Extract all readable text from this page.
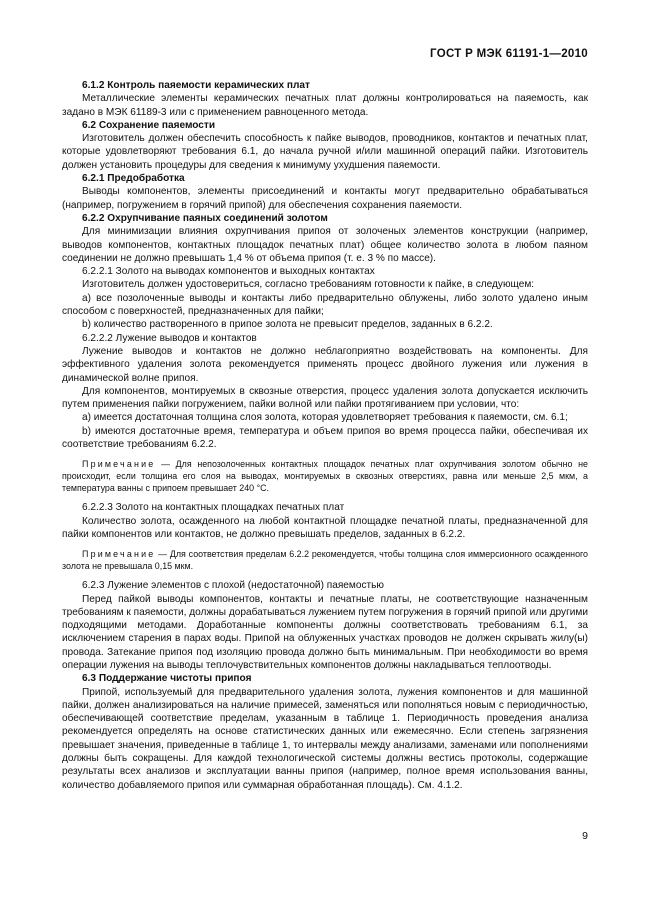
ГОСТ Р МЭК 61191-1—2010
6.1.2 Контроль паяемости керамических плат
Металлические элементы керамических печатных плат должны контролироваться на паяемость, как задано в МЭК 61189-3 или с применением равноценного метода.
6.2 Сохранение паяемости
Изготовитель должен обеспечить способность к пайке выводов, проводников, контактов и печатных плат, которые удовлетворяют требования 6.1, до начала ручной и/или машинной операций пайки. Изготовитель должен установить процедуры для сведения к минимуму ухудшения паяемости.
6.2.1 Предобработка
Выводы компонентов, элементы присоединений и контакты могут предварительно обрабатываться (например, погружением в горячий припой) для обеспечения сохранения паяемости.
6.2.2 Охрупчивание паяных соединений золотом
Для минимизации влияния охрупчивания припоя от золоченых элементов конструкции (например, выводов компонентов, контактных площадок печатных плат) общее количество золота в любом паяном соединении не должно превышать 1,4 % от объема припоя (т. е. 3 % по массе).
6.2.2.1 Золото на выводах компонентов и выходных контактах
Изготовитель должен удостовериться, согласно требованиям готовности к пайке, в следующем:
a) все позолоченные выводы и контакты либо предварительно облужены, либо золото удалено иным способом с поверхностей, предназначенных для пайки;
b) количество растворенного в припое золота не превысит пределов, заданных в 6.2.2.
6.2.2.2 Лужение выводов и контактов
Лужение выводов и контактов не должно неблагоприятно воздействовать на компоненты. Для эффективного удаления золота рекомендуется применять процесс двойного лужения или лужения в динамической волне припоя.
Для компонентов, монтируемых в сквозные отверстия, процесс удаления золота допускается исключить путем применения пайки погружением, пайки волной или пайки протягиванием при условии, что:
a) имеется достаточная толщина слоя золота, которая удовлетворяет требования к паяемости, см. 6.1;
b) имеются достаточные время, температура и объем припоя во время процесса пайки, обеспечивая их соответствие требованиям 6.2.2.
Примечание — Для непозолоченных контактных площадок печатных плат охрупчивания золотом обычно не происходит, если толщина его слоя на выводах, монтируемых в сквозных отверстиях, равна или меньше 2,5 мкм, а температура ванны с припоем превышает 240 °С.
6.2.2.3 Золото на контактных площадках печатных плат
Количество золота, осажденного на любой контактной площадке печатной платы, предназначенной для пайки компонентов или контактов, не должно превышать пределов, заданных в 6.2.2.
Примечание — Для соответствия пределам 6.2.2 рекомендуется, чтобы толщина слоя иммерсионного осажденного золота не превышала 0,15 мкм.
6.2.3 Лужение элементов с плохой (недостаточной) паяемостью
Перед пайкой выводы компонентов, контакты и печатные платы, не соответствующие назначенным требованиям к паяемости, должны дорабатываться лужением путем погружения в горячий припой или другими подходящими методами. Доработанные компоненты должны соответствовать требованиям 6.1, за исключением старения в парах воды. Припой на облуженных участках проводов не должен скрывать жилу(ы) провода. Затекание припоя под изоляцию провода должно быть минимальным. При необходимости во время операции лужения на выводы теплочувствительных компонентов должны накладываться теплоотводы.
6.3 Поддержание чистоты припоя
Припой, используемый для предварительного удаления золота, лужения компонентов и для машинной пайки, должен анализироваться на наличие примесей, заменяться или пополняться новым с периодичностью, обеспечивающей соответствие пределам, указанным в таблице 1. Периодичность проведения анализа рекомендуется определять на основе статистических данных или ежемесячно. Если степень загрязнения превышает значения, приведенные в таблице 1, то интервалы между анализами, заменами или пополнениями должны быть сокращены. Для каждой технологической системы должны вестись протоколы, содержащие результаты всех анализов и эксплуатации ванны припоя (например, полное время использования ванны, количество добавляемого припоя или суммарная обработанная площадь). См. 4.1.2.
9
